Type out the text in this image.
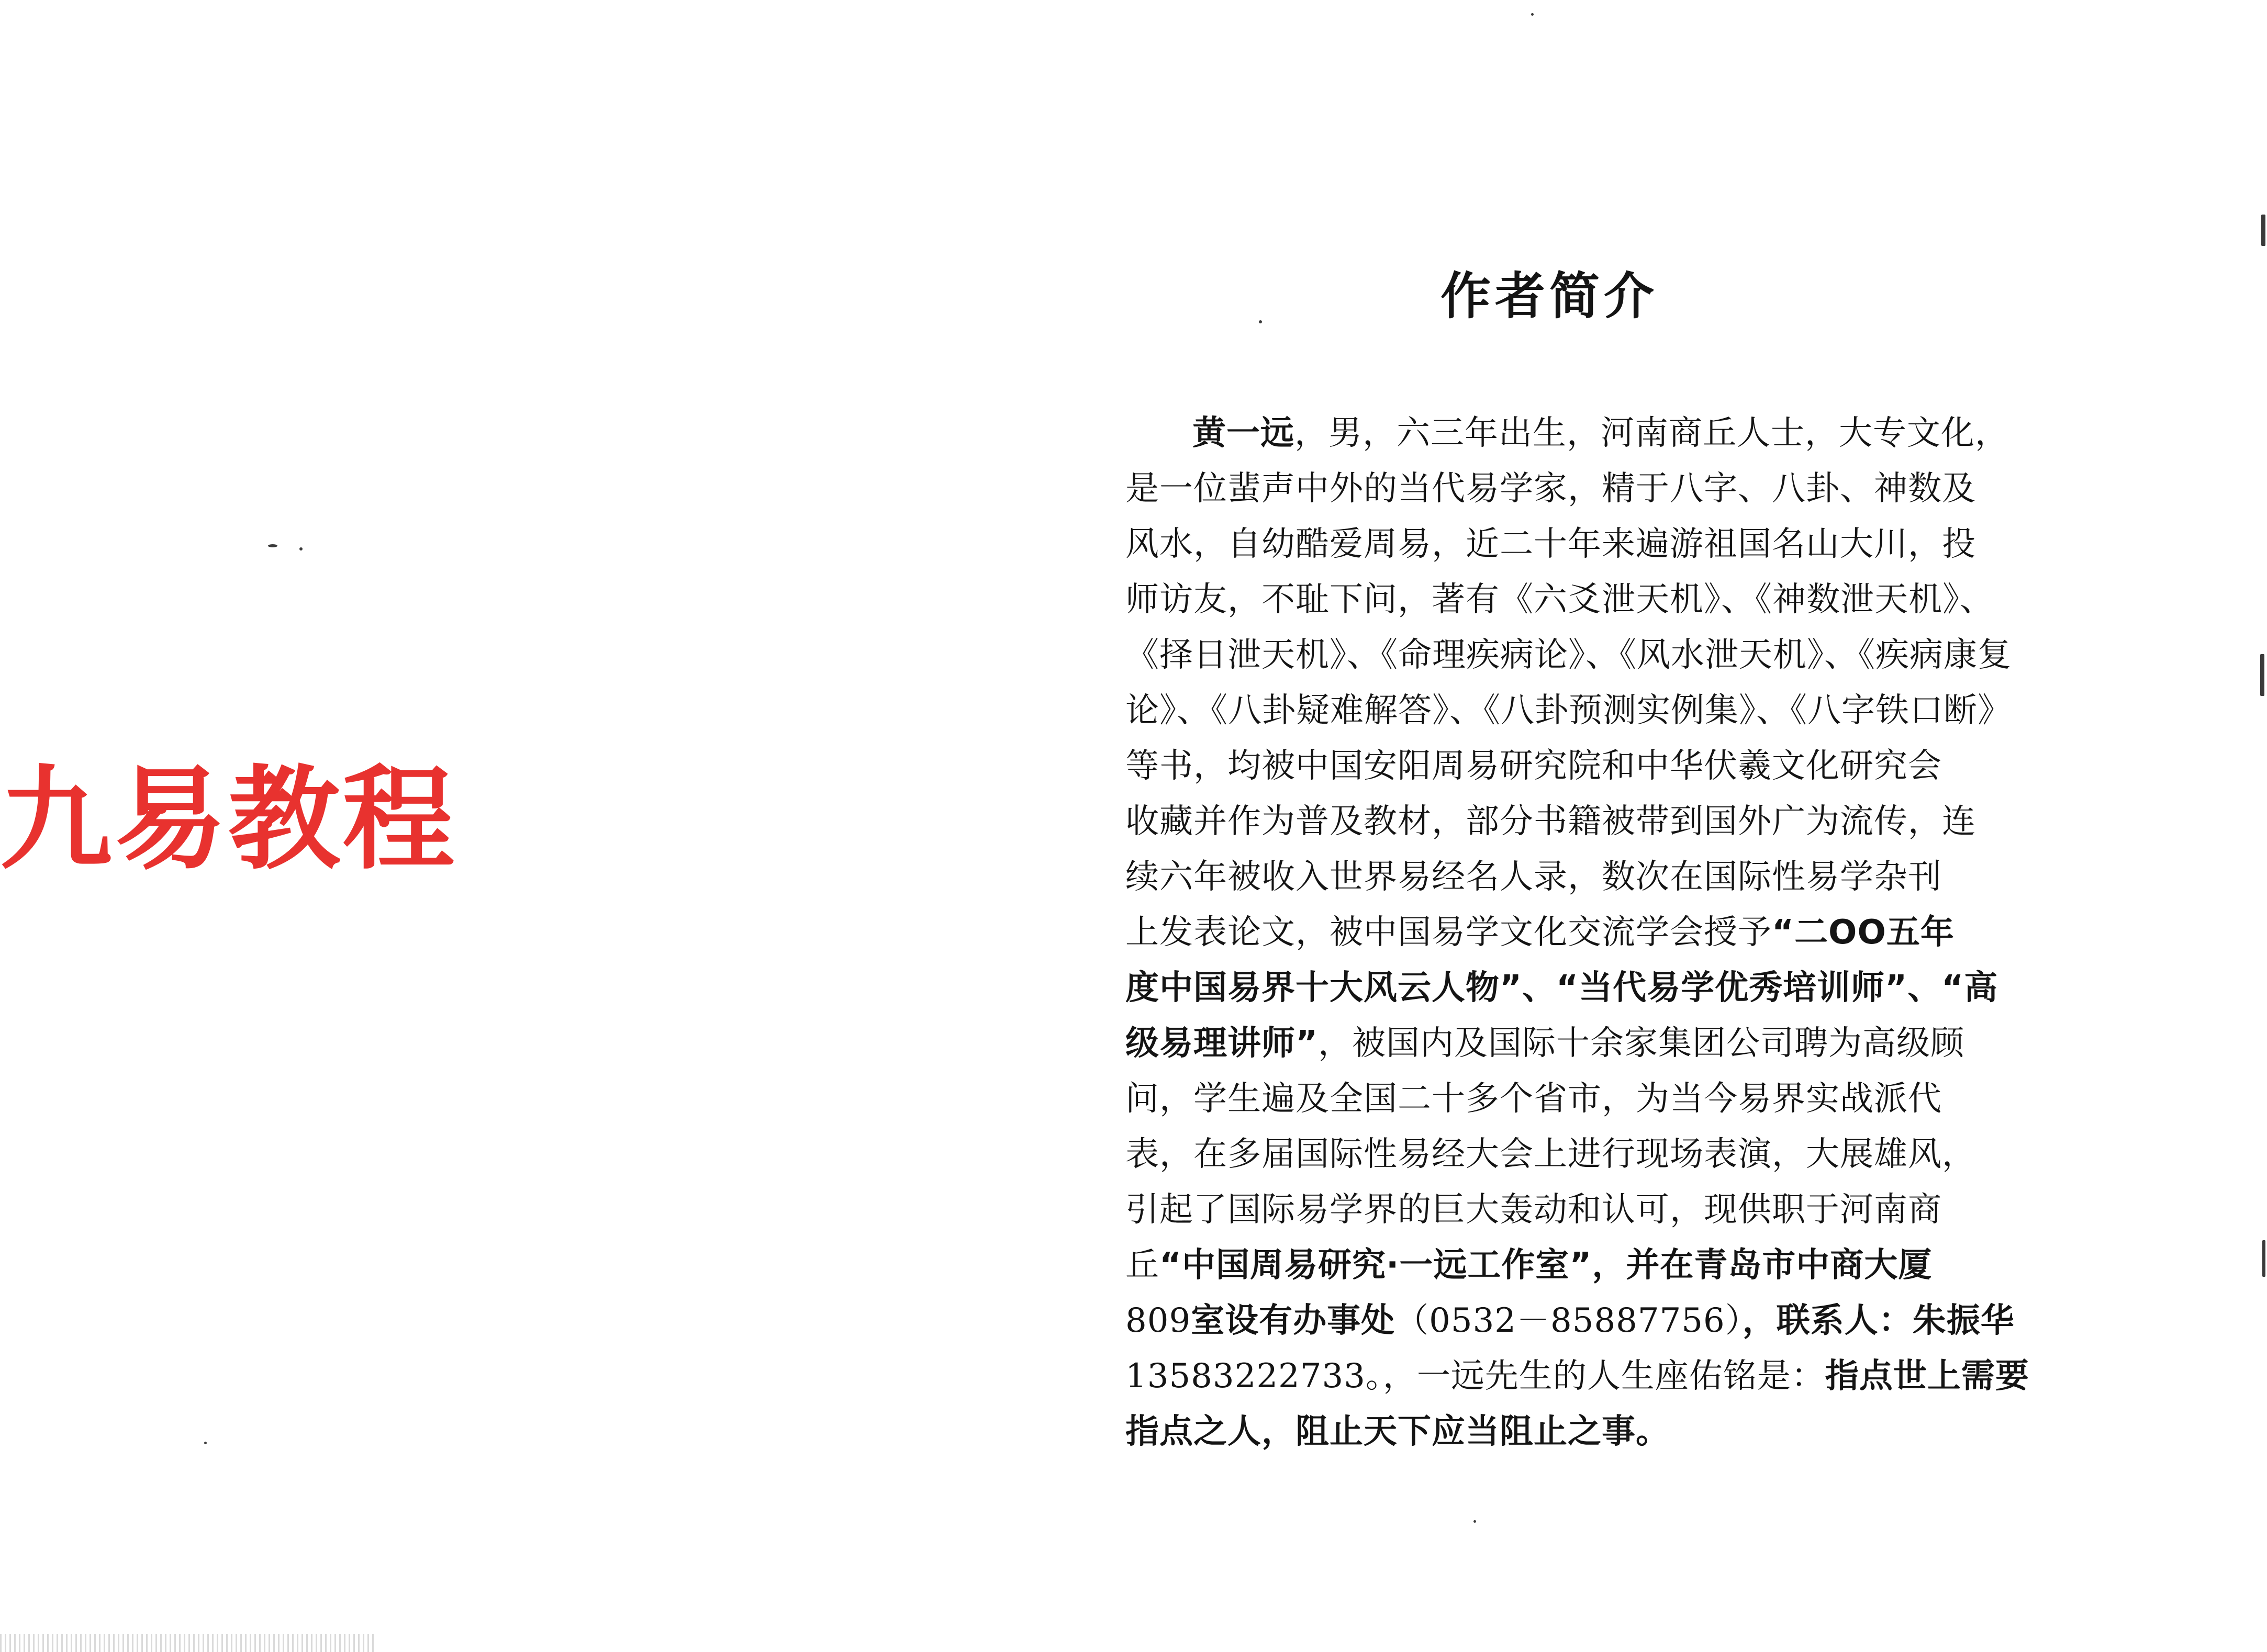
九易教程
作者简介
黄一远，男，六三年出生，河南商丘人士，大专文化，
是一位蜚声中外的当代易学家，精于八字、八卦、神数及
风水，自幼酷爱周易，近二十年来遍游祖国名山大川，投
师访友，不耻下问，著有《六爻泄天机》、《神数泄天机》、
《择日泄天机》、《命理疾病论》、《风水泄天机》、《疾病康复
论》、《八卦疑难解答》、《八卦预测实例集》、《八字铁口断》
等书，均被中国安阳周易研究院和中华伏羲文化研究会
收藏并作为普及教材，部分书籍被带到国外广为流传，连
续六年被收入世界易经名人录，数次在国际性易学杂刊
上发表论文，被中国易学文化交流学会授予“二OO五年
度中国易界十大风云人物”、“当代易学优秀培训师”、“高
级易理讲师”，被国内及国际十余家集团公司聘为高级顾
问，学生遍及全国二十多个省市，为当今易界实战派代
表，在多届国际性易经大会上进行现场表演，大展雄风，
引起了国际易学界的巨大轰动和认可，现供职于河南商
丘“中国周易研究·一远工作室”，并在青岛市中商大厦
809室设有办事处（0532－85887756），联系人：朱振华
13583222733。，一远先生的人生座佑铭是：指点世上需要
指点之人，阻止天下应当阻止之事。
